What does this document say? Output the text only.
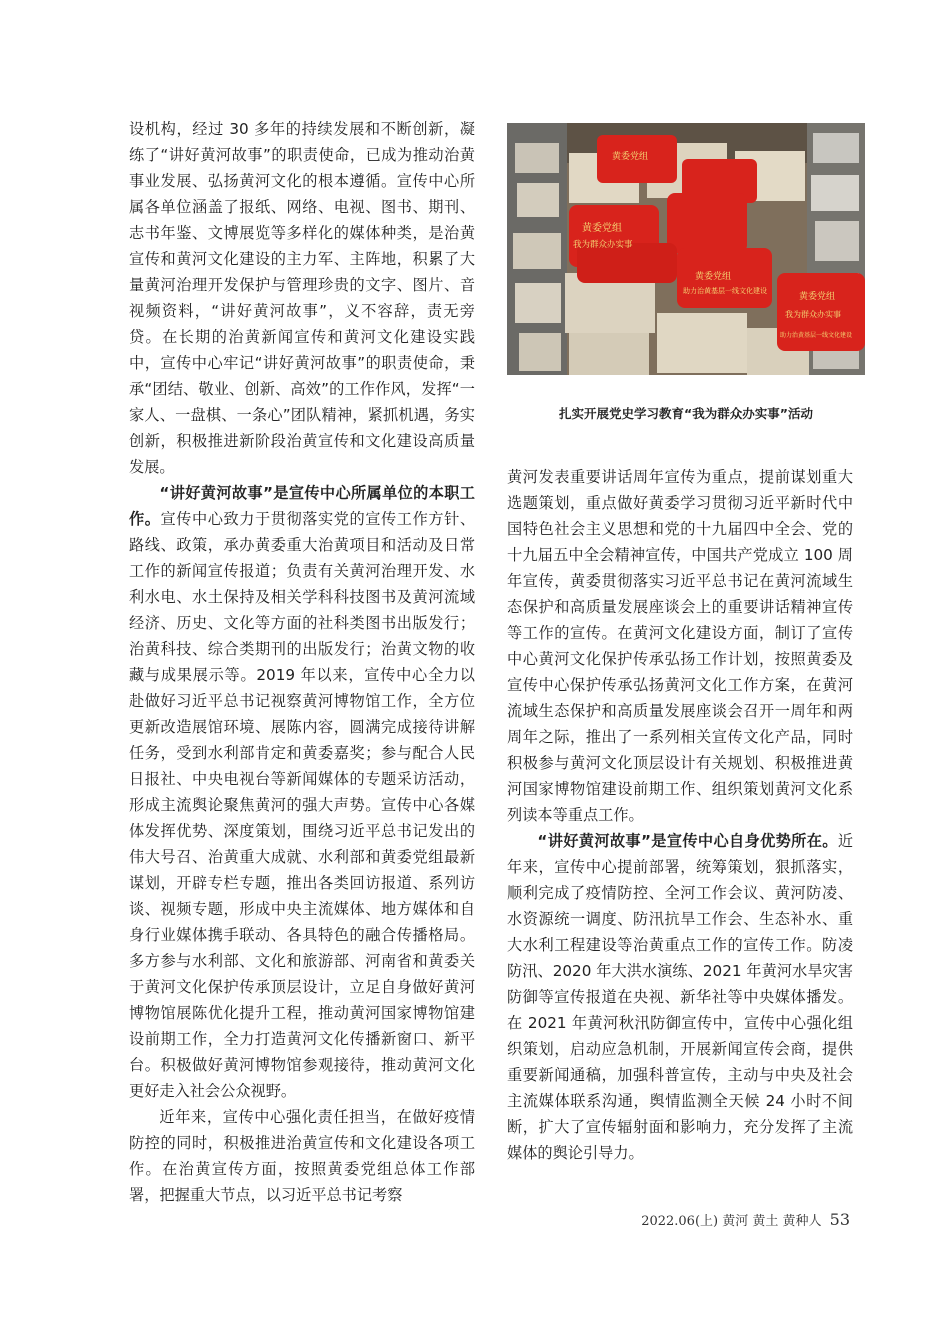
设机构，经过 30 多年的持续发展和不断创新，凝练了“讲好黄河故事”的职责使命，已成为推动治黄事业发展、弘扬黄河文化的根本遵循。宣传中心所属各单位涵盖了报纸、网络、电视、图书、期刊、志书年鉴、文博展览等多样化的媒体种类，是治黄宣传和黄河文化建设的主力军、主阵地，积累了大量黄河治理开发保护与管理珍贵的文字、图片、音视频资料，“讲好黄河故事”，义不容辞，责无旁贷。在长期的治黄新闻宣传和黄河文化建设实践中，宣传中心牢记“讲好黄河故事”的职责使命，秉承“团结、敬业、创新、高效”的工作作风，发挥“一家人、一盘棋、一条心”团队精神，紧抓机遇，务实创新，积极推进新阶段治黄宣传和文化建设高质量发展。

“讲好黄河故事”是宣传中心所属单位的本职工作。宣传中心致力于贯彻落实党的宣传工作方针、路线、政策，承办黄委重大治黄项目和活动及日常工作的新闻宣传报道；负责有关黄河治理开发、水利水电、水土保持及相关学科科技图书及黄河流域经济、历史、文化等方面的社科类图书出版发行；治黄科技、综合类期刊的出版发行；治黄文物的收藏与成果展示等。2019 年以来，宣传中心全力以赴做好习近平总书记视察黄河博物馆工作，全方位更新改造展馆环境、展陈内容，圆满完成接待讲解任务，受到水利部肯定和黄委嘉奖；参与配合人民日报社、中央电视台等新闻媒体的专题采访活动，形成主流舆论聚焦黄河的强大声势。宣传中心各媒体发挥优势、深度策划，围绕习近平总书记发出的伟大号召、治黄重大成就、水利部和黄委党组最新谋划，开辟专栏专题，推出各类回访报道、系列访谈、视频专题，形成中央主流媒体、地方媒体和自身行业媒体携手联动、各具特色的融合传播格局。多方参与水利部、文化和旅游部、河南省和黄委关于黄河文化保护传承顶层设计，立足自身做好黄河博物馆展陈优化提升工程，推动黄河国家博物馆建设前期工作，全力打造黄河文化传播新窗口、新平台。积极做好黄河博物馆参观接待，推动黄河文化更好走入社会公众视野。

近年来，宣传中心强化责任担当，在做好疫情防控的同时，积极推进治黄宣传和文化建设各项工作。在治黄宣传方面，按照黄委党组总体工作部署，把握重大节点，以习近平总书记考察

黄委党组
黄委党组
我为群众办实事
黄委党组
助力治黄基层一线文化建设
黄委党组
我为群众办实事
助力治黄基层一线文化建设
扎实开展党史学习教育“我为群众办实事”活动

黄河发表重要讲话周年宣传为重点，提前谋划重大选题策划，重点做好黄委学习贯彻习近平新时代中国特色社会主义思想和党的十九届四中全会、党的十九届五中全会精神宣传，中国共产党成立 100 周年宣传，黄委贯彻落实习近平总书记在黄河流域生态保护和高质量发展座谈会上的重要讲话精神宣传等工作的宣传。在黄河文化建设方面，制订了宣传中心黄河文化保护传承弘扬工作计划，按照黄委及宣传中心保护传承弘扬黄河文化工作方案，在黄河流域生态保护和高质量发展座谈会召开一周年和两周年之际，推出了一系列相关宣传文化产品，同时积极参与黄河文化顶层设计有关规划、积极推进黄河国家博物馆建设前期工作、组织策划黄河文化系列读本等重点工作。

“讲好黄河故事”是宣传中心自身优势所在。近年来，宣传中心提前部署，统筹策划，狠抓落实，顺利完成了疫情防控、全河工作会议、黄河防凌、水资源统一调度、防汛抗旱工作会、生态补水、重大水利工程建设等治黄重点工作的宣传工作。防凌防汛、2020 年大洪水演练、2021 年黄河水旱灾害防御等宣传报道在央视、新华社等中央媒体播发。在 2021 年黄河秋汛防御宣传中，宣传中心强化组织策划，启动应急机制，开展新闻宣传会商，提供重要新闻通稿，加强科普宣传，主动与中央及社会主流媒体联系沟通，舆情监测全天候 24 小时不间断，扩大了宣传辐射面和影响力，充分发挥了主流媒体的舆论引导力。

2022.06(上) 黄河 黄土 黄种人 53
